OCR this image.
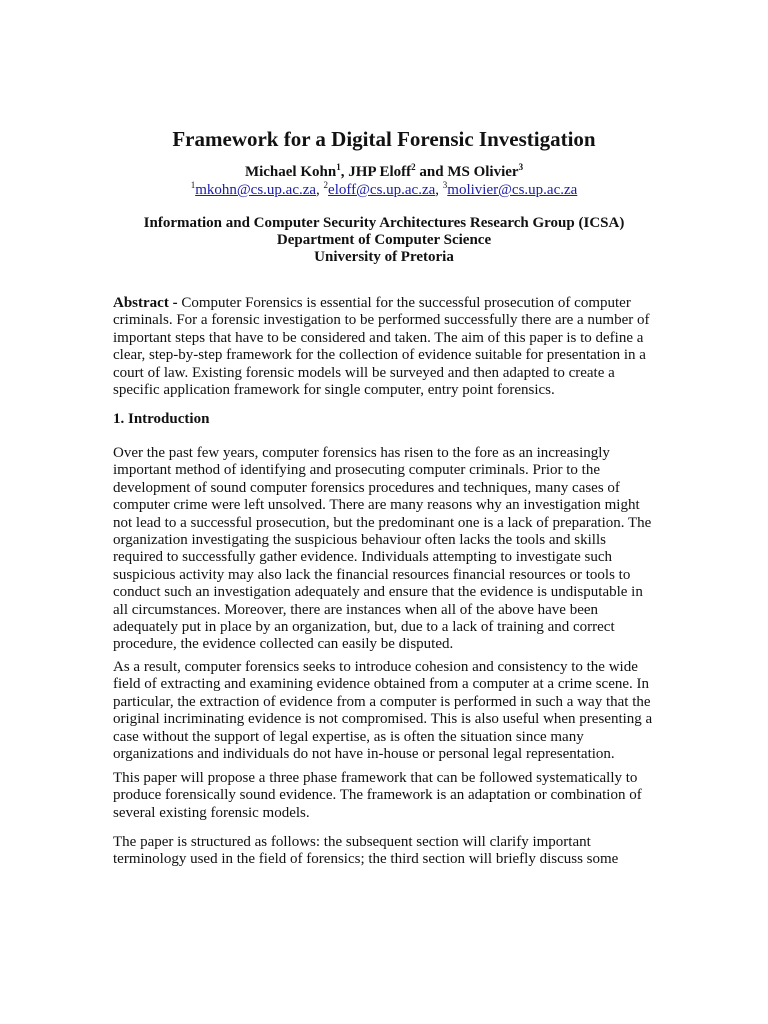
Framework for a Digital Forensic Investigation
Michael Kohn$^1$, JHP Eloff$^2$ and MS Olivier$^3$
$^1$mkohn@cs.up.ac.za, $^2$eloff@cs.up.ac.za, $^3$molivier@cs.up.ac.za
Information and Computer Security Architectures Research Group (ICSA)
Department of Computer Science
University of Pretoria
Abstract - Computer Forensics is essential for the successful prosecution of computer
criminals. For a forensic investigation to be performed successfully there are a number of
important steps that have to be considered and taken. The aim of this paper is to define a
clear, step-by-step framework for the collection of evidence suitable for presentation in a
court of law. Existing forensic models will be surveyed and then adapted to create a
specific application framework for single computer, entry point forensics.
1. Introduction
Over the past few years, computer forensics has risen to the fore as an increasingly
important method of identifying and prosecuting computer criminals. Prior to the
development of sound computer forensics procedures and techniques, many cases of
computer crime were left unsolved. There are many reasons why an investigation might
not lead to a successful prosecution, but the predominant one is a lack of preparation. The
organization investigating the suspicious behaviour often lacks the tools and skills
required to successfully gather evidence. Individuals attempting to investigate such
suspicious activity may also lack the financial resources financial resources or tools to
conduct such an investigation adequately and ensure that the evidence is undisputable in
all circumstances. Moreover, there are instances when all of the above have been
adequately put in place by an organization, but, due to a lack of training and correct
procedure, the evidence collected can easily be disputed.
As a result, computer forensics seeks to introduce cohesion and consistency to the wide
field of extracting and examining evidence obtained from a computer at a crime scene. In
particular, the extraction of evidence from a computer is performed in such a way that the
original incriminating evidence is not compromised. This is also useful when presenting a
case without the support of legal expertise, as is often the situation since many
organizations and individuals do not have in-house or personal legal representation.
This paper will propose a three phase framework that can be followed systematically to
produce forensically sound evidence. The framework is an adaptation or combination of
several existing forensic models.
The paper is structured as follows: the subsequent section will clarify important
terminology used in the field of forensics; the third section will briefly discuss some
